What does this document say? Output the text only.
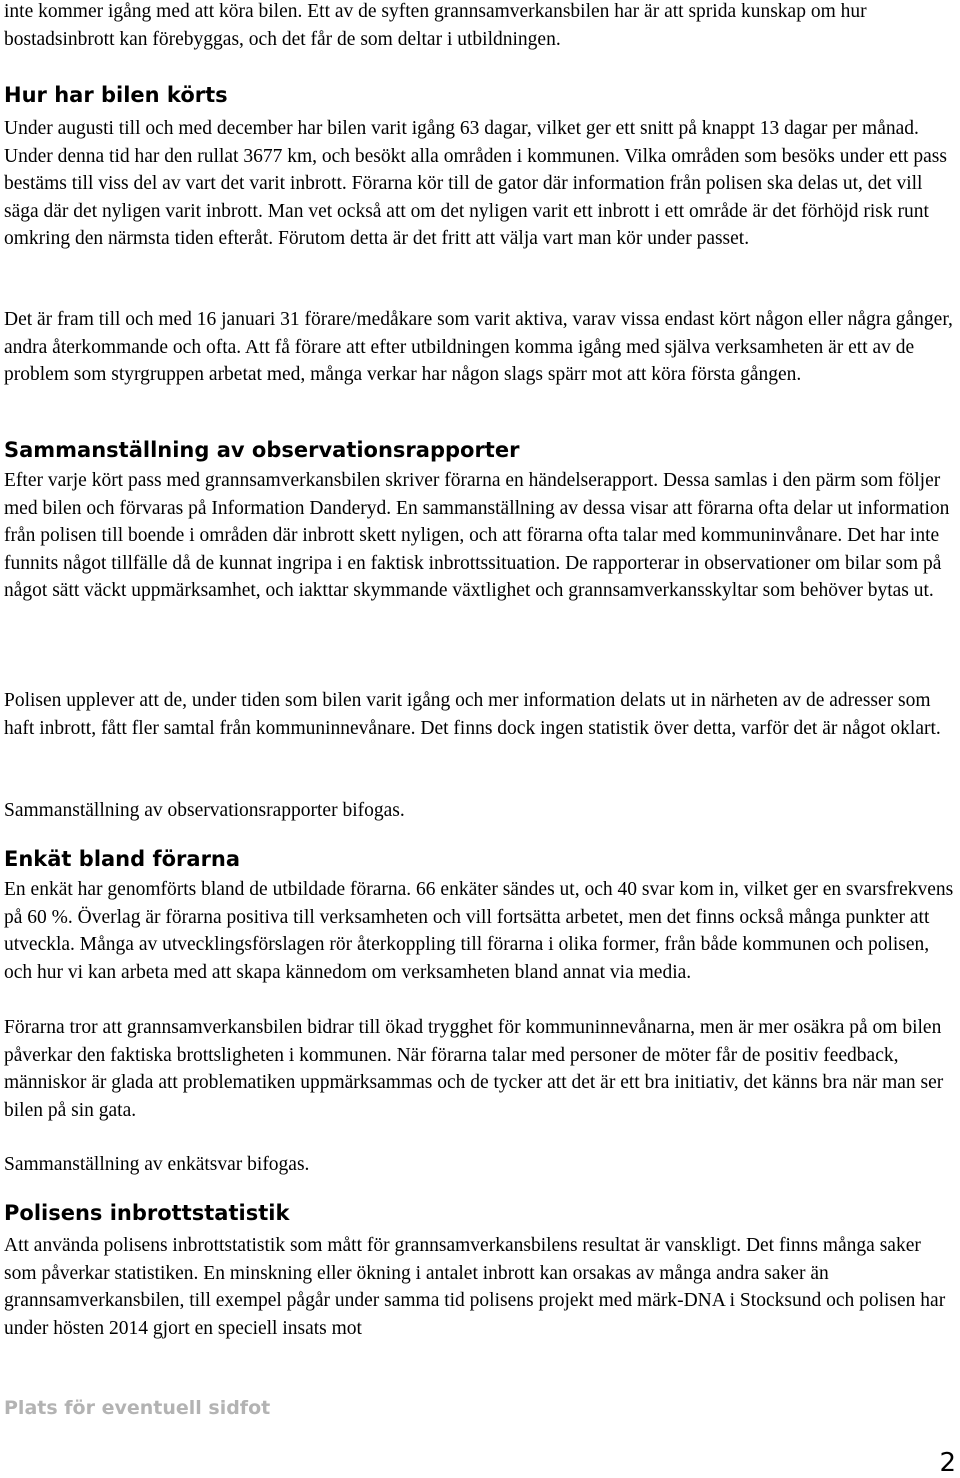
inte kommer igång med att köra bilen. Ett av de syften grannsamverkansbilen har är att sprida kunskap om hur bostadsinbrott kan förebyggas, och det får de som deltar i utbildningen.

Hur har bilen körts

Under augusti till och med december har bilen varit igång 63 dagar, vilket ger ett snitt på knappt 13 dagar per månad. Under denna tid har den rullat 3677 km, och besökt alla områden i kommunen. Vilka områden som besöks under ett pass bestäms till viss del av vart det varit inbrott. Förarna kör till de gator där information från polisen ska delas ut, det vill säga där det nyligen varit inbrott. Man vet också att om det nyligen varit ett inbrott i ett område är det förhöjd risk runt omkring den närmsta tiden efteråt. Förutom detta är det fritt att välja vart man kör under passet.

Det är fram till och med 16 januari 31 förare/medåkare som varit aktiva, varav vissa endast kört någon eller några gånger, andra återkommande och ofta. Att få förare att efter utbildningen komma igång med själva verksamheten är ett av de problem som styrgruppen arbetat med, många verkar har någon slags spärr mot att köra första gången.

Sammanställning av observationsrapporter

Efter varje kört pass med grannsamverkansbilen skriver förarna en händelserapport. Dessa samlas i den pärm som följer med bilen och förvaras på Information Danderyd. En sammanställning av dessa visar att förarna ofta delar ut information från polisen till boende i områden där inbrott skett nyligen, och att förarna ofta talar med kommuninvånare. Det har inte funnits något tillfälle då de kunnat ingripa i en faktisk inbrottssituation. De rapporterar in observationer om bilar som på något sätt väckt uppmärksamhet, och iakttar skymmande växtlighet och grannsamverkansskyltar som behöver bytas ut.

Polisen upplever att de, under tiden som bilen varit igång och mer information delats ut in närheten av de adresser som haft inbrott, fått fler samtal från kommuninnevånare. Det finns dock ingen statistik över detta, varför det är något oklart.

Sammanställning av observationsrapporter bifogas.

Enkät bland förarna

En enkät har genomförts bland de utbildade förarna. 66 enkäter sändes ut, och 40 svar kom in, vilket ger en svarsfrekvens på 60 %. Överlag är förarna positiva till verksamheten och vill fortsätta arbetet, men det finns också många punkter att utveckla. Många av utvecklingsförslagen rör återkoppling till förarna i olika former, från både kommunen och polisen, och hur vi kan arbeta med att skapa kännedom om verksamheten bland annat via media.

Förarna tror att grannsamverkansbilen bidrar till ökad trygghet för kommuninnevånarna, men är mer osäkra på om bilen påverkar den faktiska brottsligheten i kommunen. När förarna talar med personer de möter får de positiv feedback, människor är glada att problematiken uppmärksammas och de tycker att det är ett bra initiativ, det känns bra när man ser bilen på sin gata.

Sammanställning av enkätsvar bifogas.

Polisens inbrottstatistik

Att använda polisens inbrottstatistik som mått för grannsamverkansbilens resultat är vanskligt. Det finns många saker som påverkar statistiken. En minskning eller ökning i antalet inbrott kan orsakas av många andra saker än grannsamverkansbilen, till exempel pågår under samma tid polisens projekt med märk-DNA i Stocksund och polisen har under hösten 2014 gjort en speciell insats mot

Plats för eventuell sidfot
2
